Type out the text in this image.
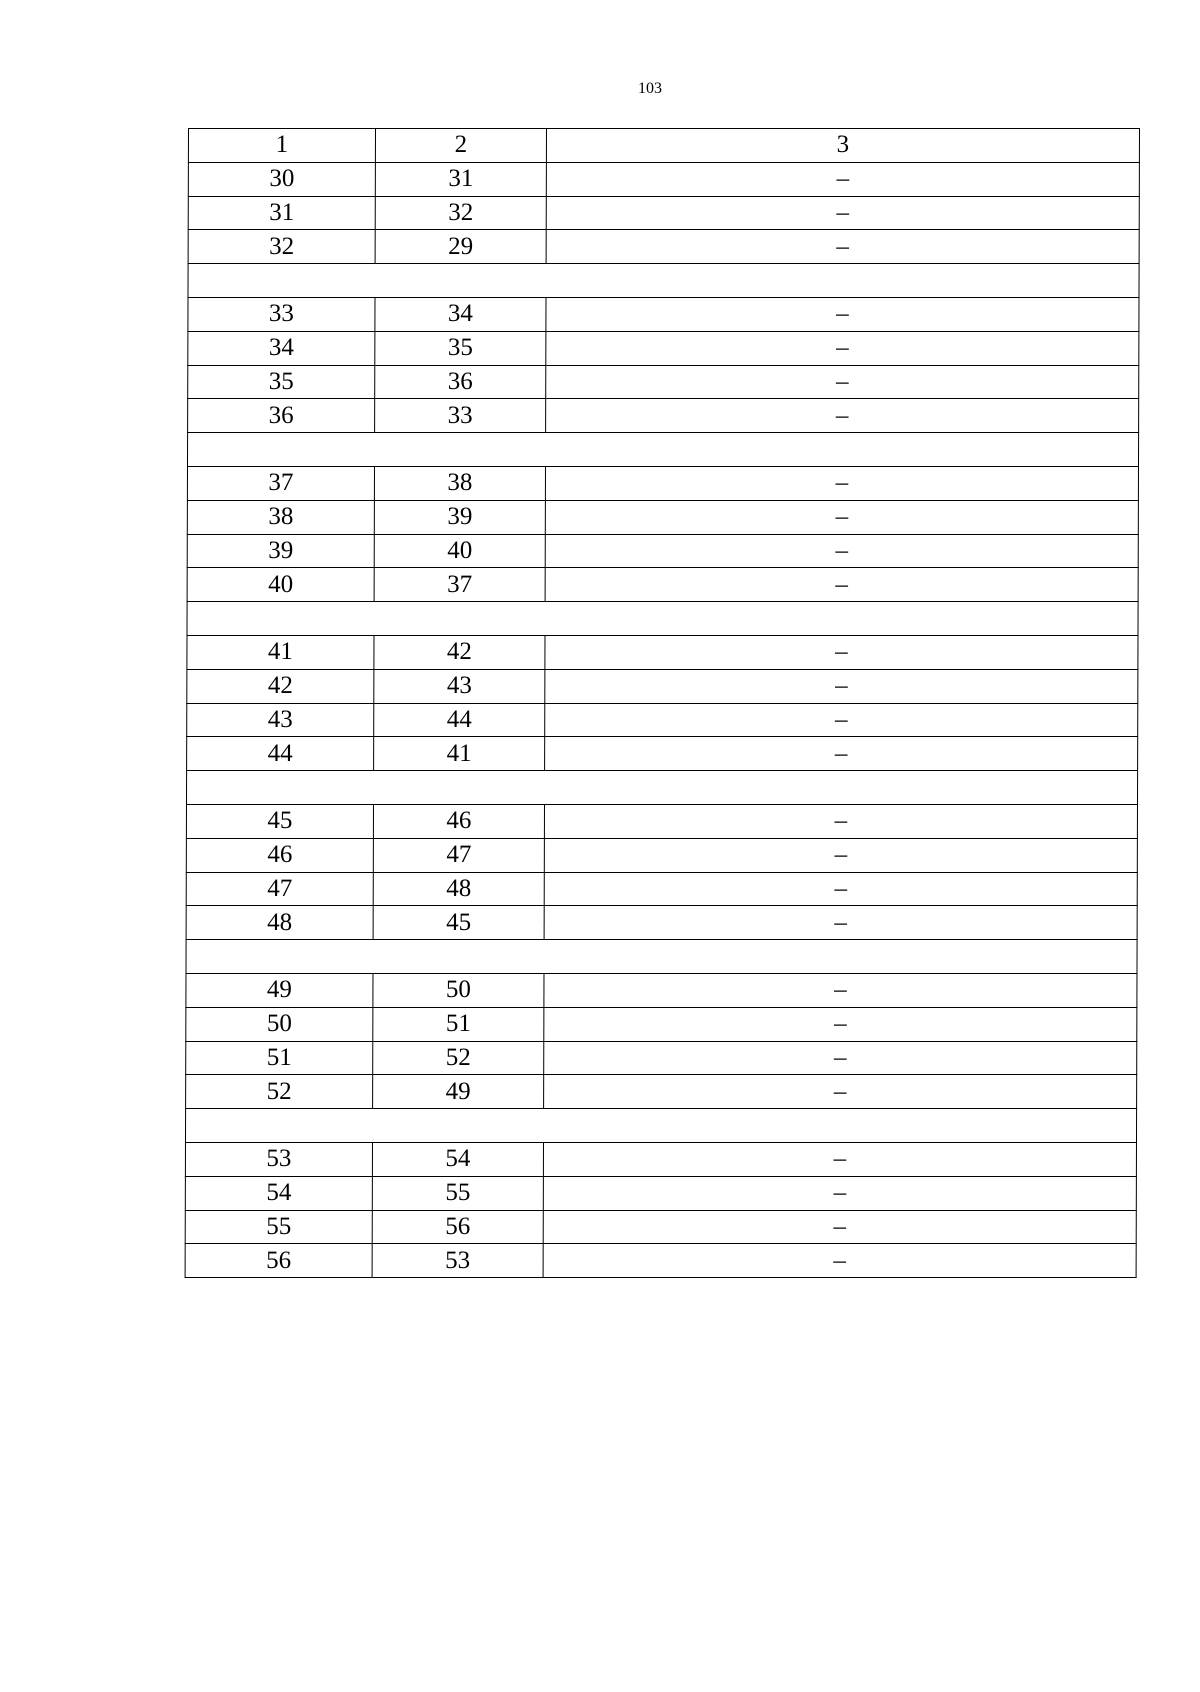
103
1	2	3
30	31	–
31	32	–
32	29	–

33	34	–
34	35	–
35	36	–
36	33	–

37	38	–
38	39	–
39	40	–
40	37	–

41	42	–
42	43	–
43	44	–
44	41	–

45	46	–
46	47	–
47	48	–
48	45	–

49	50	–
50	51	–
51	52	–
52	49	–

53	54	–
54	55	–
55	56	–
56	53	–
